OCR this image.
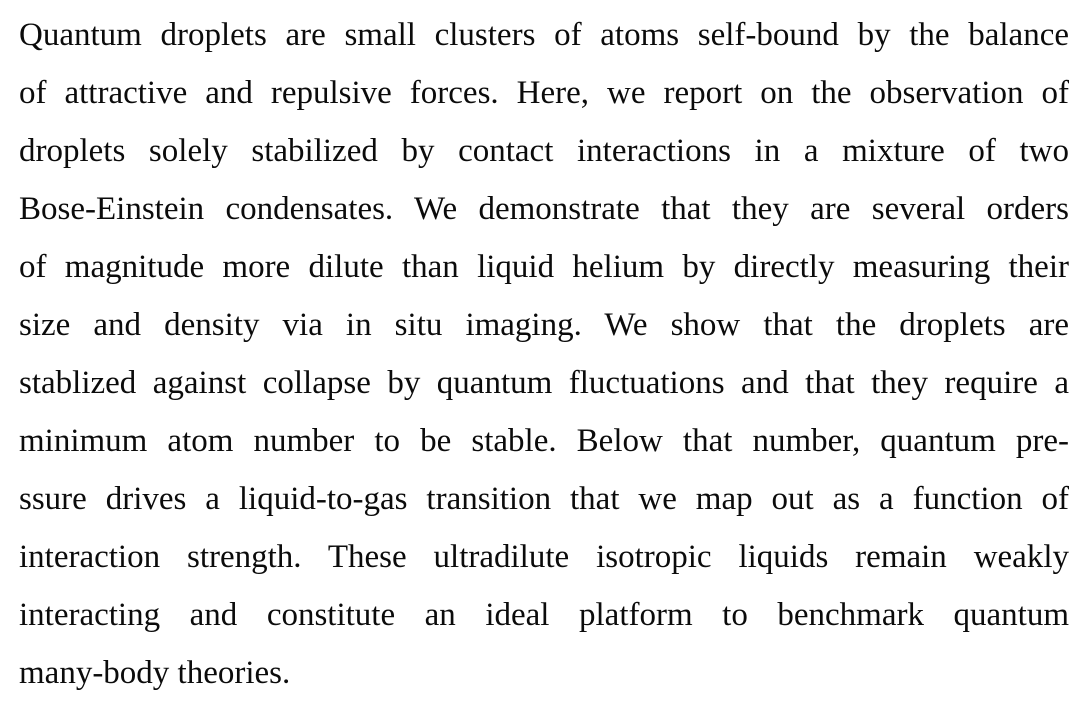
Quantum droplets are small clusters of atoms self-bound by the balance
of attractive and repulsive forces. Here, we report on the observation of
droplets solely stabilized by contact interactions in a mixture of two
Bose-Einstein condensates. We demonstrate that they are several orders
of magnitude more dilute than liquid helium by directly measuring their
size and density via in situ imaging. We show that the droplets are
stablized against collapse by quantum fluctuations and that they require a
minimum atom number to be stable. Below that number, quantum pre-
ssure drives a liquid-to-gas transition that we map out as a function of
interaction strength. These ultradilute isotropic liquids remain weakly
interacting and constitute an ideal platform to benchmark quantum
many-body theories.
